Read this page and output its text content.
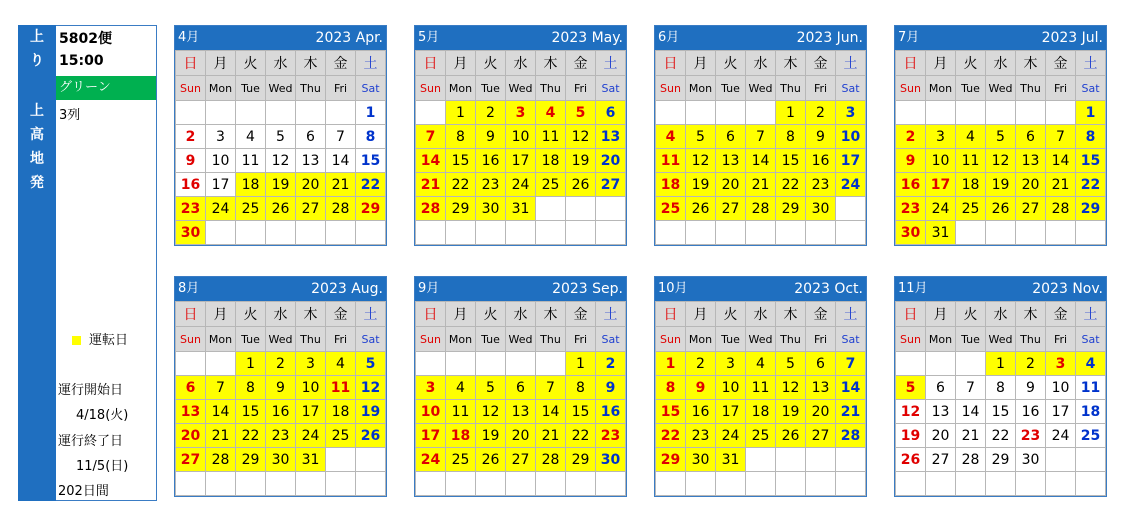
上
り
上
高
地
発
5802便
15:00
グリーン
3列
運転日
運行開始日
4/18(火)
運行終了日
11/5(日)
202日間
4月	2023 Apr.
日	月	火	水	木	金	土
Sun	Mon	Tue	Wed	Thu	Fri	Sat
						1
2	3	4	5	6	7	8
9	10	11	12	13	14	15
16	17	18	19	20	21	22
23	24	25	26	27	28	29
30						
5月	2023 May.
日	月	火	水	木	金	土
Sun	Mon	Tue	Wed	Thu	Fri	Sat
	1	2	3	4	5	6
7	8	9	10	11	12	13
14	15	16	17	18	19	20
21	22	23	24	25	26	27
28	29	30	31			

6月	2023 Jun.
日	月	火	水	木	金	土
Sun	Mon	Tue	Wed	Thu	Fri	Sat
				1	2	3
4	5	6	7	8	9	10
11	12	13	14	15	16	17
18	19	20	21	22	23	24
25	26	27	28	29	30	

7月	2023 Jul.
日	月	火	水	木	金	土
Sun	Mon	Tue	Wed	Thu	Fri	Sat
						1
2	3	4	5	6	7	8
9	10	11	12	13	14	15
16	17	18	19	20	21	22
23	24	25	26	27	28	29
30	31					
8月	2023 Aug.
日	月	火	水	木	金	土
Sun	Mon	Tue	Wed	Thu	Fri	Sat
		1	2	3	4	5
6	7	8	9	10	11	12
13	14	15	16	17	18	19
20	21	22	23	24	25	26
27	28	29	30	31		

9月	2023 Sep.
日	月	火	水	木	金	土
Sun	Mon	Tue	Wed	Thu	Fri	Sat
					1	2
3	4	5	6	7	8	9
10	11	12	13	14	15	16
17	18	19	20	21	22	23
24	25	26	27	28	29	30

10月	2023 Oct.
日	月	火	水	木	金	土
Sun	Mon	Tue	Wed	Thu	Fri	Sat
1	2	3	4	5	6	7
8	9	10	11	12	13	14
15	16	17	18	19	20	21
22	23	24	25	26	27	28
29	30	31				

11月	2023 Nov.
日	月	火	水	木	金	土
Sun	Mon	Tue	Wed	Thu	Fri	Sat
			1	2	3	4
5	6	7	8	9	10	11
12	13	14	15	16	17	18
19	20	21	22	23	24	25
26	27	28	29	30		
